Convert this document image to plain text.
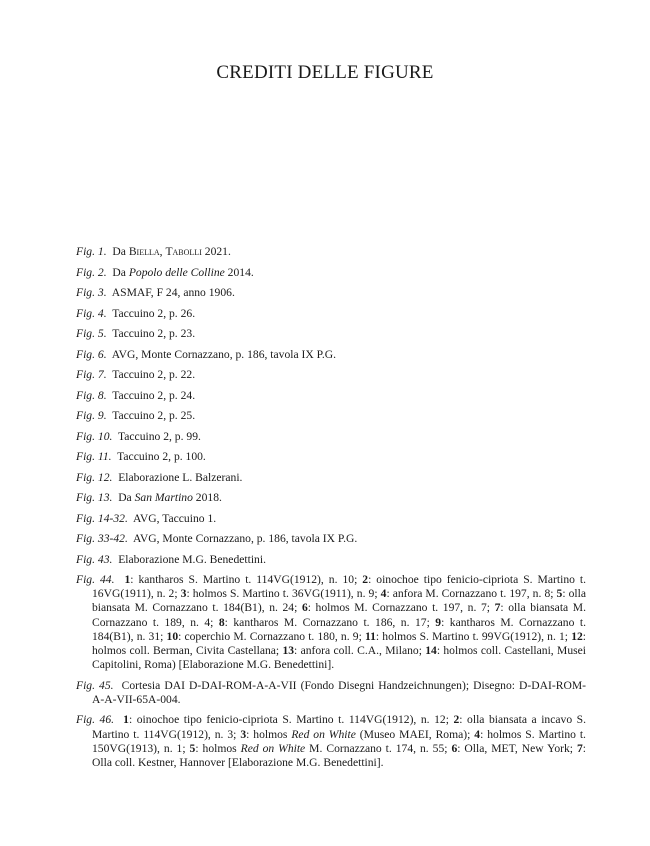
CREDITI DELLE FIGURE
Fig. 1. Da Biella, Tabolli 2021.
Fig. 2. Da Popolo delle Colline 2014.
Fig. 3. ASMAF, F 24, anno 1906.
Fig. 4. Taccuino 2, p. 26.
Fig. 5. Taccuino 2, p. 23.
Fig. 6. AVG, Monte Cornazzano, p. 186, tavola IX P.G.
Fig. 7. Taccuino 2, p. 22.
Fig. 8. Taccuino 2, p. 24.
Fig. 9. Taccuino 2, p. 25.
Fig. 10. Taccuino 2, p. 99.
Fig. 11. Taccuino 2, p. 100.
Fig. 12. Elaborazione L. Balzerani.
Fig. 13. Da San Martino 2018.
Fig. 14-32. AVG, Taccuino 1.
Fig. 33-42. AVG, Monte Cornazzano, p. 186, tavola IX P.G.
Fig. 43. Elaborazione M.G. Benedettini.
Fig. 44. 1: kantharos S. Martino t. 114VG(1912), n. 10; 2: oinochoe tipo fenicio-cipriota S. Martino t. 16VG(1911), n. 2; 3: holmos S. Martino t. 36VG(1911), n. 9; 4: anfora M. Cornazzano t. 197, n. 8; 5: olla biansata M. Cornazzano t. 184(B1), n. 24; 6: holmos M. Cornazzano t. 197, n. 7; 7: olla biansata M. Cornazzano t. 189, n. 4; 8: kantharos M. Cornazzano t. 186, n. 17; 9: kantharos M. Cornazzano t. 184(B1), n. 31; 10: coperchio M. Cornazzano t. 180, n. 9; 11: holmos S. Martino t. 99VG(1912), n. 1; 12: holmos coll. Berman, Civita Castellana; 13: anfora coll. C.A., Milano; 14: holmos coll. Castellani, Musei Capitolini, Roma) [Elaborazione M.G. Benedettini].
Fig. 45. Cortesia DAI D-DAI-ROM-A-A-VII (Fondo Disegni Handzeichnungen); Disegno: D-DAI-ROM-A-A-VII-65A-004.
Fig. 46. 1: oinochoe tipo fenicio-cipriota S. Martino t. 114VG(1912), n. 12; 2: olla biansata a incavo S. Martino t. 114VG(1912), n. 3; 3: holmos Red on White (Museo MAEI, Roma); 4: holmos S. Martino t. 150VG(1913), n. 1; 5: holmos Red on White M. Cornazzano t. 174, n. 55; 6: Olla, MET, New York; 7: Olla coll. Kestner, Hannover [Elaborazione M.G. Benedettini].
